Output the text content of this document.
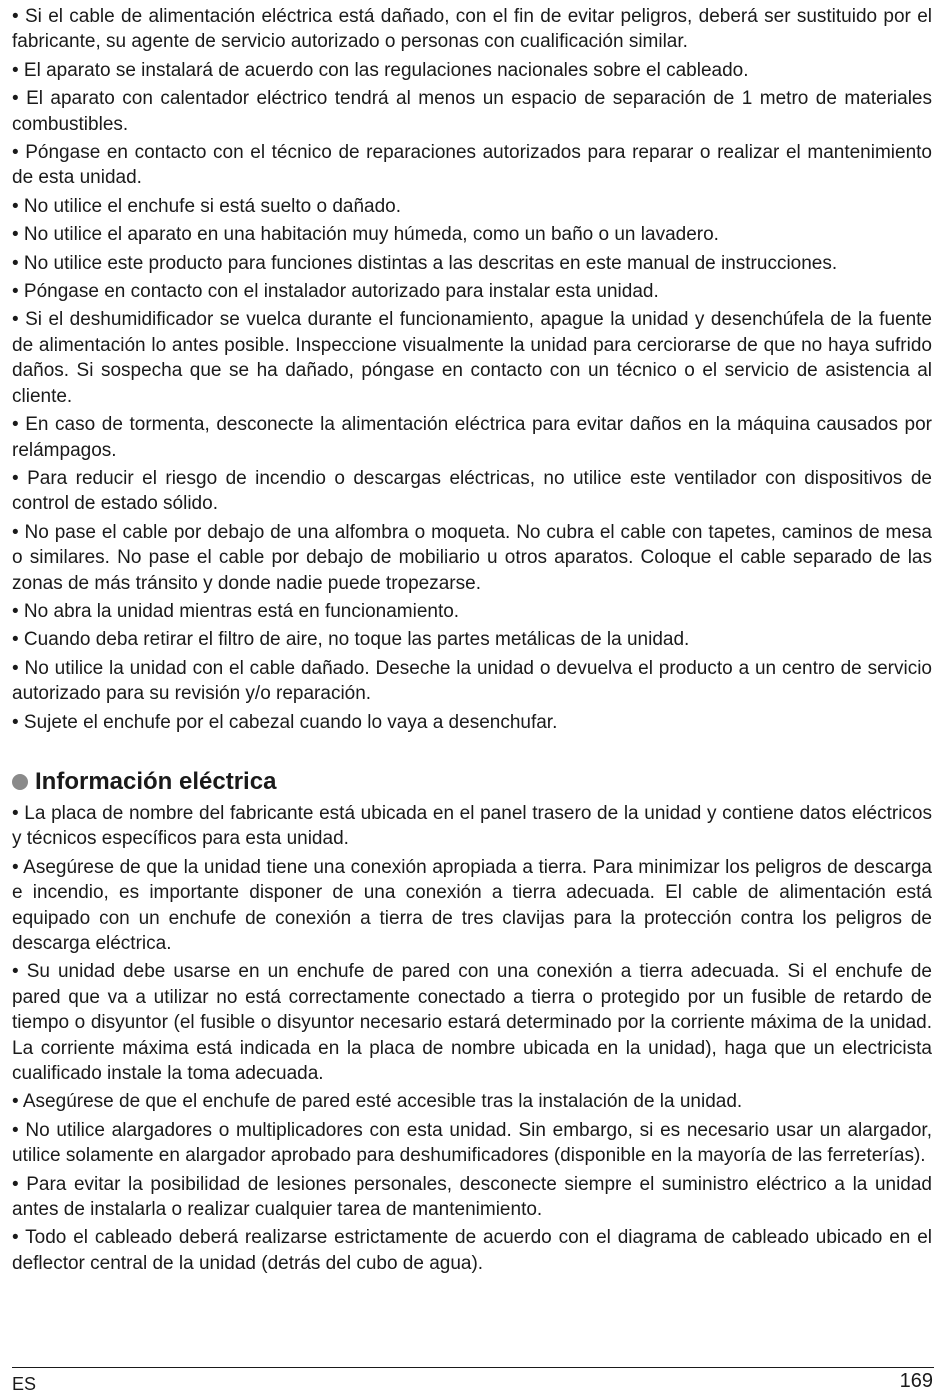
• Si el cable de alimentación eléctrica está dañado, con el fin de evitar peligros, deberá ser sustituido por el fabricante, su agente de servicio autorizado o personas con cualificación similar.

• El aparato se instalará de acuerdo con las regulaciones nacionales sobre el cableado.

• El aparato con calentador eléctrico tendrá al menos un espacio de separación de 1 metro de materiales combustibles.

• Póngase en contacto con el técnico de reparaciones autorizados para reparar o realizar el mantenimiento de esta unidad.

• No utilice el enchufe si está suelto o dañado.

• No utilice el aparato en una habitación muy húmeda, como un baño o un lavadero.

• No utilice este producto para funciones distintas a las descritas en este manual de instrucciones.

• Póngase en contacto con el instalador autorizado para instalar esta unidad.

• Si el deshumidificador se vuelca durante el funcionamiento, apague la unidad y desenchúfela de la fuente de alimentación lo antes posible. Inspeccione visualmente la unidad para cerciorarse de que no haya sufrido daños. Si sospecha que se ha dañado, póngase en contacto con un técnico o el servicio de asistencia al cliente.

• En caso de tormenta, desconecte la alimentación eléctrica para evitar daños en la máquina causados por relámpagos.

• Para reducir el riesgo de incendio o descargas eléctricas, no utilice este ventilador con dispositivos de control de estado sólido.

• No pase el cable por debajo de una alfombra o moqueta. No cubra el cable con tapetes, caminos de mesa o similares. No pase el cable por debajo de mobiliario u otros aparatos. Coloque el cable separado de las zonas de más tránsito y donde nadie puede tropezarse.

• No abra la unidad mientras está en funcionamiento.

• Cuando deba retirar el filtro de aire, no toque las partes metálicas de la unidad.

• No utilice la unidad con el cable dañado. Deseche la unidad o devuelva el producto a un centro de servicio autorizado para su revisión y/o reparación.

• Sujete el enchufe por el cabezal cuando lo vaya a desenchufar.

Información eléctrica

• La placa de nombre del fabricante está ubicada en el panel trasero de la unidad y contiene datos eléctricos y técnicos específicos para esta unidad.

• Asegúrese de que la unidad tiene una conexión apropiada a tierra. Para minimizar los peligros de descarga e incendio, es importante disponer de una conexión a tierra adecuada. El cable de alimentación está equipado con un enchufe de conexión a tierra de tres clavijas para la protección contra los peligros de descarga eléctrica.

• Su unidad debe usarse en un enchufe de pared con una conexión a tierra adecuada. Si el enchufe de pared que va a utilizar no está correctamente conectado a tierra o protegido por un fusible de retardo de tiempo o disyuntor (el fusible o disyuntor necesario estará determinado por la corriente máxima de la unidad. La corriente máxima está indicada en la placa de nombre ubicada en la unidad), haga que un electricista cualificado instale la toma adecuada.

• Asegúrese de que el enchufe de pared esté accesible tras la instalación de la unidad.

• No utilice alargadores o multiplicadores con esta unidad. Sin embargo, si es necesario usar un alargador, utilice solamente en alargador aprobado para deshumificadores (disponible en la mayoría de las ferreterías).

• Para evitar la posibilidad de lesiones personales, desconecte siempre el suministro eléctrico a la unidad antes de instalarla o realizar cualquier tarea de mantenimiento.

• Todo el cableado deberá realizarse estrictamente de acuerdo con el diagrama de cableado ubicado en el deflector central de la unidad (detrás del cubo de agua).

ES	169
